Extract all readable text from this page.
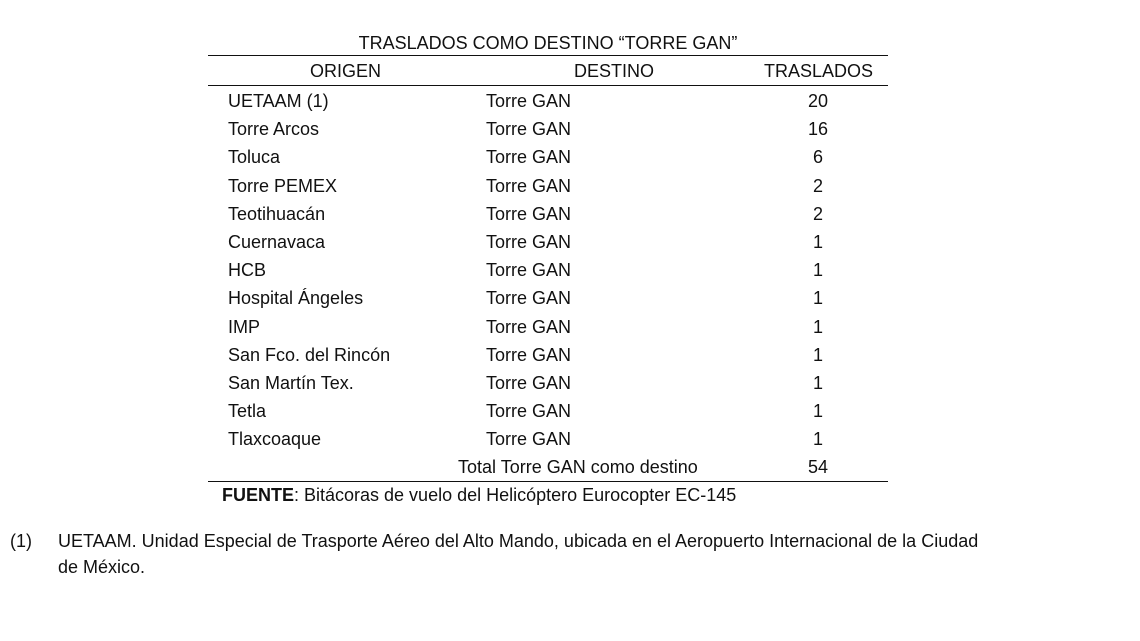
TRASLADOS COMO DESTINO “TORRE GAN”
ORIGEN	DESTINO	TRASLADOS
UETAAM (1)	Torre GAN	20
Torre Arcos	Torre GAN	16
Toluca	Torre GAN	6
Torre PEMEX	Torre GAN	2
Teotihuacán	Torre GAN	2
Cuernavaca	Torre GAN	1
HCB	Torre GAN	1
Hospital Ángeles	Torre GAN	1
IMP	Torre GAN	1
San Fco. del Rincón	Torre GAN	1
San Martín Tex.	Torre GAN	1
Tetla	Torre GAN	1
Tlaxcoaque	Torre GAN	1
Total Torre GAN como destino	54
FUENTE: Bitácoras de vuelo del Helicóptero Eurocopter EC-145
(1) UETAAM. Unidad Especial de Trasporte Aéreo del Alto Mando, ubicada en el Aeropuerto Internacional de la Ciudad
de México.
